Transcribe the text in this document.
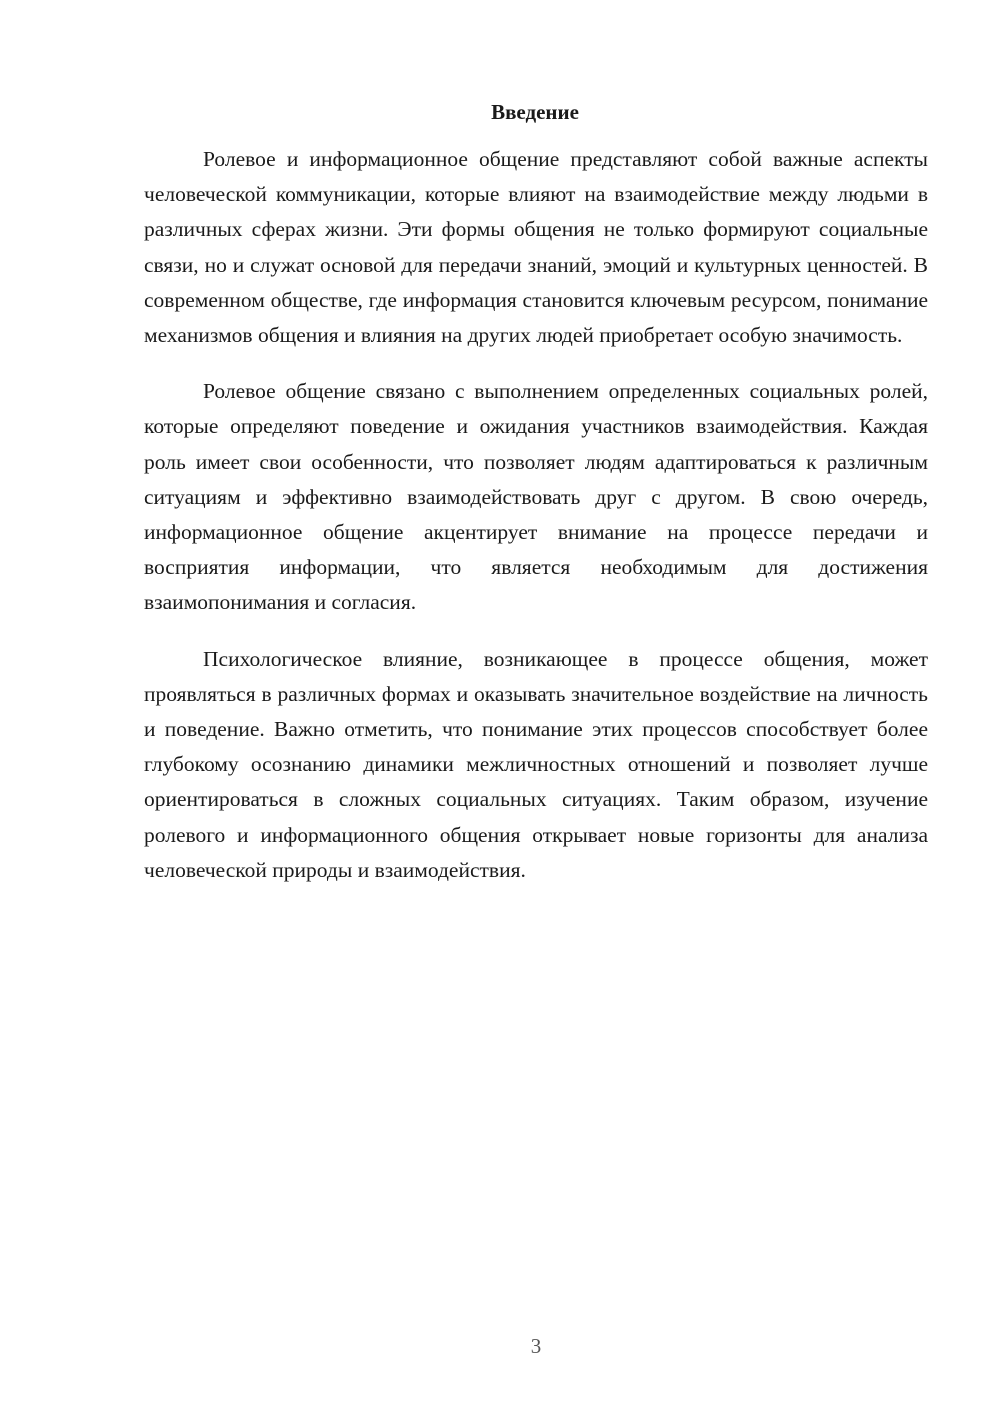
Введение

Ролевое и информационное общение представляют собой важные аспекты человеческой коммуникации, которые влияют на взаимодействие между людьми в различных сферах жизни. Эти формы общения не только формируют социальные связи, но и служат основой для передачи знаний, эмоций и культурных ценностей. В современном обществе, где информация становится ключевым ресурсом, понимание механизмов общения и влияния на других людей приобретает особую значимость.

Ролевое общение связано с выполнением определенных социальных ролей, которые определяют поведение и ожидания участников взаимодействия. Каждая роль имеет свои особенности, что позволяет людям адаптироваться к различным ситуациям и эффективно взаимодействовать друг с другом. В свою очередь, информационное общение акцентирует внимание на процессе передачи и восприятия информации, что является необходимым для достижения взаимопонимания и согласия.

Психологическое влияние, возникающее в процессе общения, может проявляться в различных формах и оказывать значительное воздействие на личность и поведение. Важно отметить, что понимание этих процессов способствует более глубокому осознанию динамики межличностных отношений и позволяет лучше ориентироваться в сложных социальных ситуациях. Таким образом, изучение ролевого и информационного общения открывает новые горизонты для анализа человеческой природы и взаимодействия.

3
